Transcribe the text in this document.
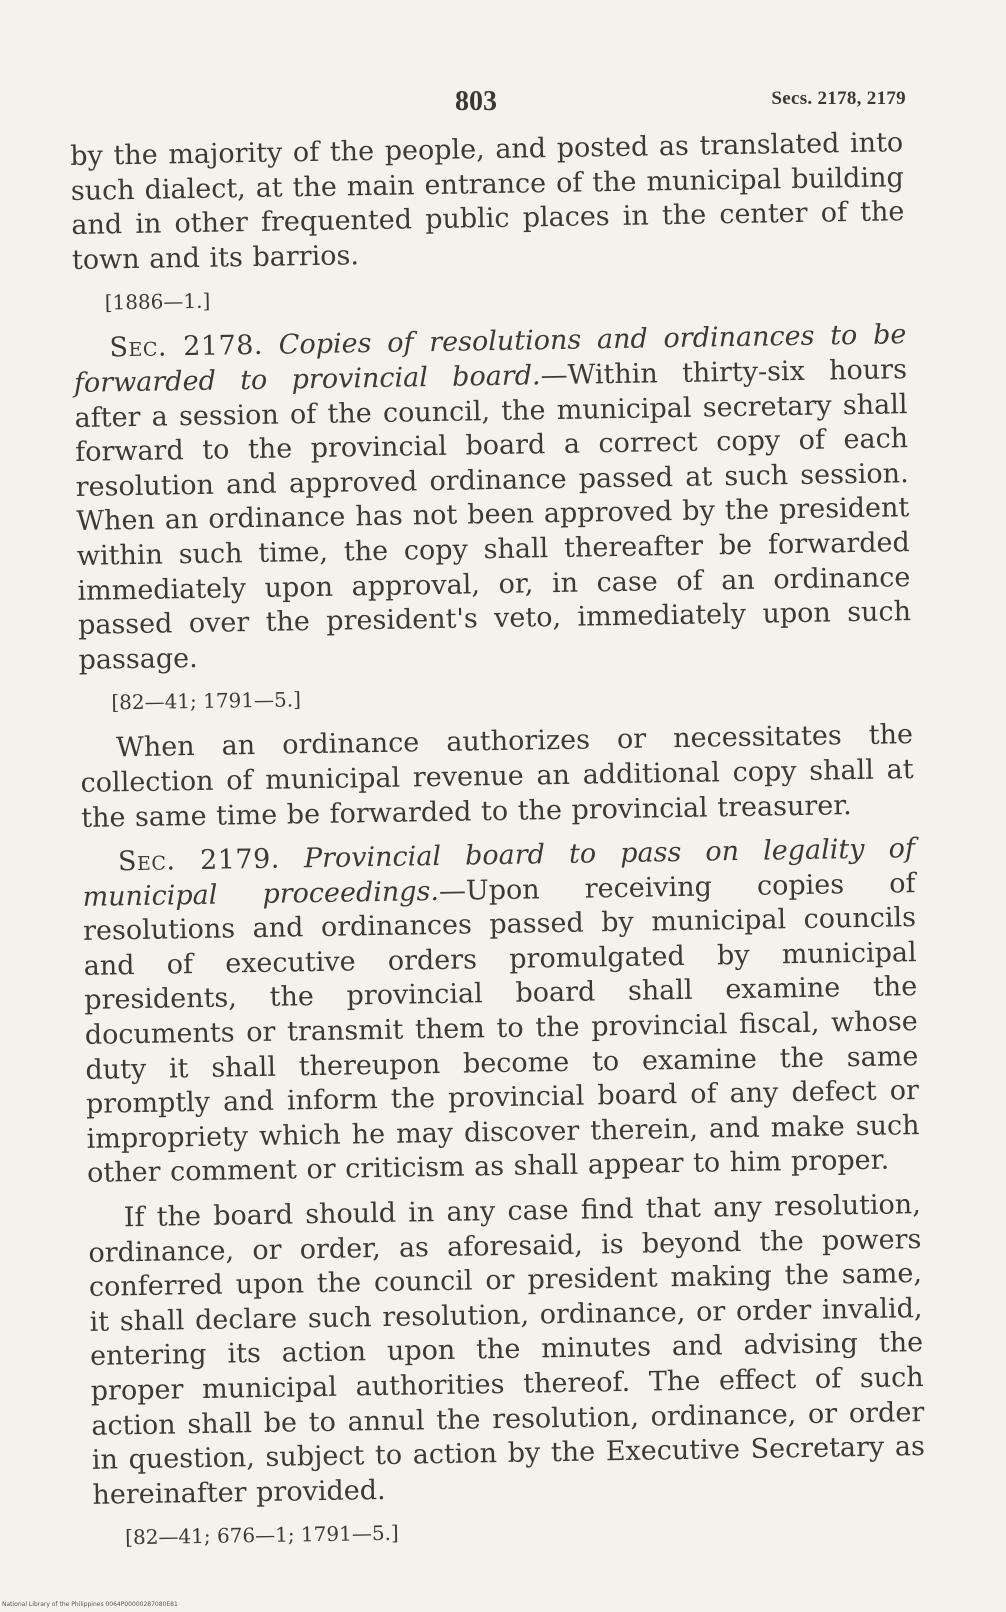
803	Secs. 2178, 2179

by the majority of the people, and posted as translated into such dialect, at the main entrance of the municipal building and in other frequented public places in the center of the town and its barrios.

[1886—1.]

Sec. 2178. Copies of resolutions and ordinances to be forwarded to provincial board.—Within thirty-six hours after a session of the council, the municipal secretary shall forward to the provincial board a correct copy of each resolution and approved ordinance passed at such session. When an ordinance has not been approved by the president within such time, the copy shall thereafter be forwarded immediately upon approval, or, in case of an ordinance passed over the president's veto, immediately upon such passage.

[82—41; 1791—5.]

When an ordinance authorizes or necessitates the collection of municipal revenue an additional copy shall at the same time be forwarded to the provincial treasurer.

Sec. 2179. Provincial board to pass on legality of municipal proceedings.—Upon receiving copies of resolutions and ordinances passed by municipal councils and of executive orders promulgated by municipal presidents, the provincial board shall examine the documents or transmit them to the provincial fiscal, whose duty it shall thereupon become to examine the same promptly and inform the provincial board of any defect or impropriety which he may discover therein, and make such other comment or criticism as shall appear to him proper.

If the board should in any case find that any resolution, ordinance, or order, as aforesaid, is beyond the powers conferred upon the council or president making the same, it shall declare such resolution, ordinance, or order invalid, entering its action upon the minutes and advising the proper municipal authorities thereof. The effect of such action shall be to annul the resolution, ordinance, or order in question, subject to action by the Executive Secretary as hereinafter provided.

[82—41; 676—1; 1791—5.]

National Library of the Philippines 0064P00000287080E81
